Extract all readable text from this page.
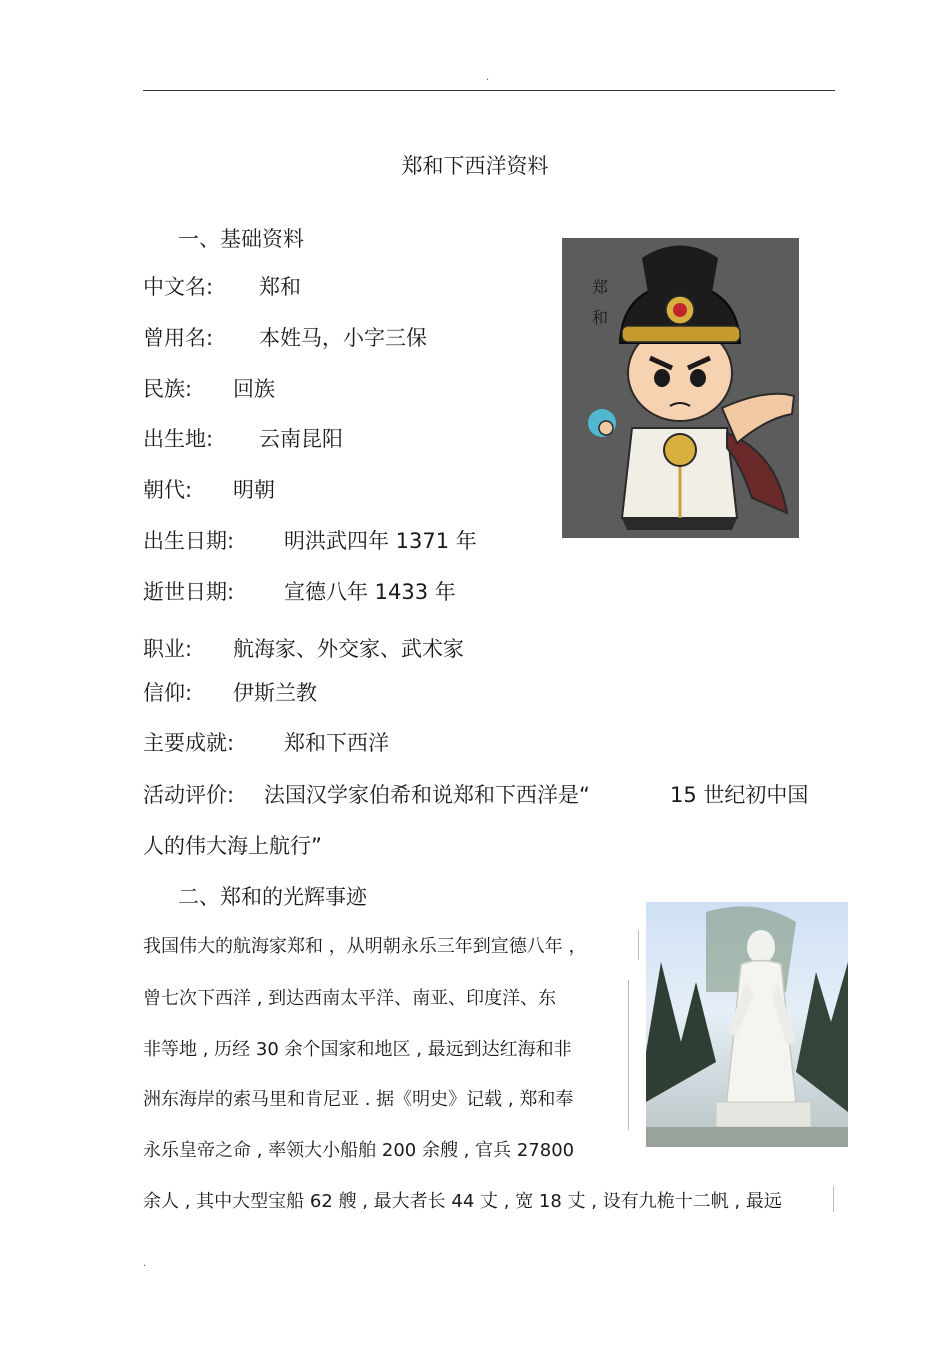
.
郑和下西洋资料
一、基础资料
中文名: 郑和
曾用名: 本姓马，小字三保
民族: 回族
出生地: 云南昆阳
朝代: 明朝
出生日期: 明洪武四年 1371 年
逝世日期: 宣德八年 1433 年
职业: 航海家、外交家、武术家
信仰: 伊斯兰教
主要成就: 郑和下西洋
活动评价: 法国汉学家伯希和说郑和下西洋是“	15 世纪初中国
人的伟大海上航行”
郑和
二、郑和的光辉事迹
我国伟大的航海家郑和 ，从明朝永乐三年到宣德八年 ，
曾七次下西洋 , 到达西南太平洋、南亚、印度洋、东
非等地 , 历经 30 余个国家和地区 , 最远到达红海和非
洲东海岸的索马里和肯尼亚 . 据《明史》记载 , 郑和奉
永乐皇帝之命 , 率领大小船舶 200 余艘 , 官兵 27800
余人 , 其中大型宝船 62 艘 , 最大者长 44 丈 , 宽 18 丈 , 设有九桅十二帆 , 最远
.
